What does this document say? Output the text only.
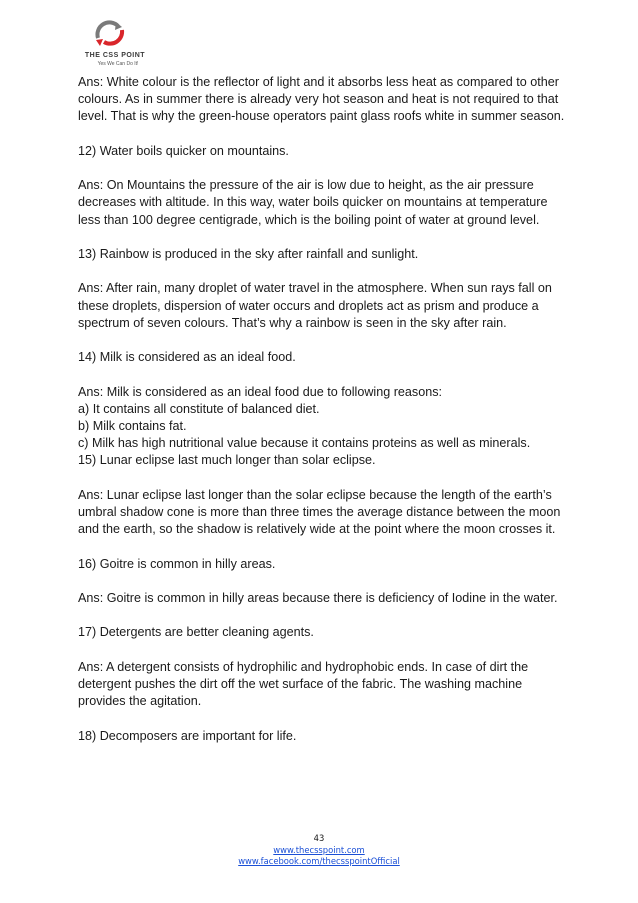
THE CSS POINT
Yes We Can Do It!

Ans: White colour is the reflector of light and it absorbs less heat as compared to other colours. As in summer there is already very hot season and heat is not required to that level. That is why the green-house operators paint glass roofs white in summer season.

12) Water boils quicker on mountains.

Ans: On Mountains the pressure of the air is low due to height, as the air pressure decreases with altitude. In this way, water boils quicker on mountains at temperature less than 100 degree centigrade, which is the boiling point of water at ground level.

13) Rainbow is produced in the sky after rainfall and sunlight.

Ans: After rain, many droplet of water travel in the atmosphere. When sun rays fall on these droplets, dispersion of water occurs and droplets act as prism and produce a spectrum of seven colours. That’s why a rainbow is seen in the sky after rain.

14) Milk is considered as an ideal food.

Ans: Milk is considered as an ideal food due to following reasons:

a) It contains all constitute of balanced diet.

b) Milk contains fat.

c) Milk has high nutritional value because it contains proteins as well as minerals.

15) Lunar eclipse last much longer than solar eclipse.

Ans: Lunar eclipse last longer than the solar eclipse because the length of the earth’s umbral shadow cone is more than three times the average distance between the moon and the earth, so the shadow is relatively wide at the point where the moon crosses it.

16) Goitre is common in hilly areas.

Ans: Goitre is common in hilly areas because there is deficiency of Iodine in the water.

17) Detergents are better cleaning agents.

Ans: A detergent consists of hydrophilic and hydrophobic ends. In case of dirt the detergent pushes the dirt off the wet surface of the fabric. The washing machine provides the agitation.

18) Decomposers are important for life.

43
www.thecsspoint.com
www.facebook.com/thecsspointOfficial
